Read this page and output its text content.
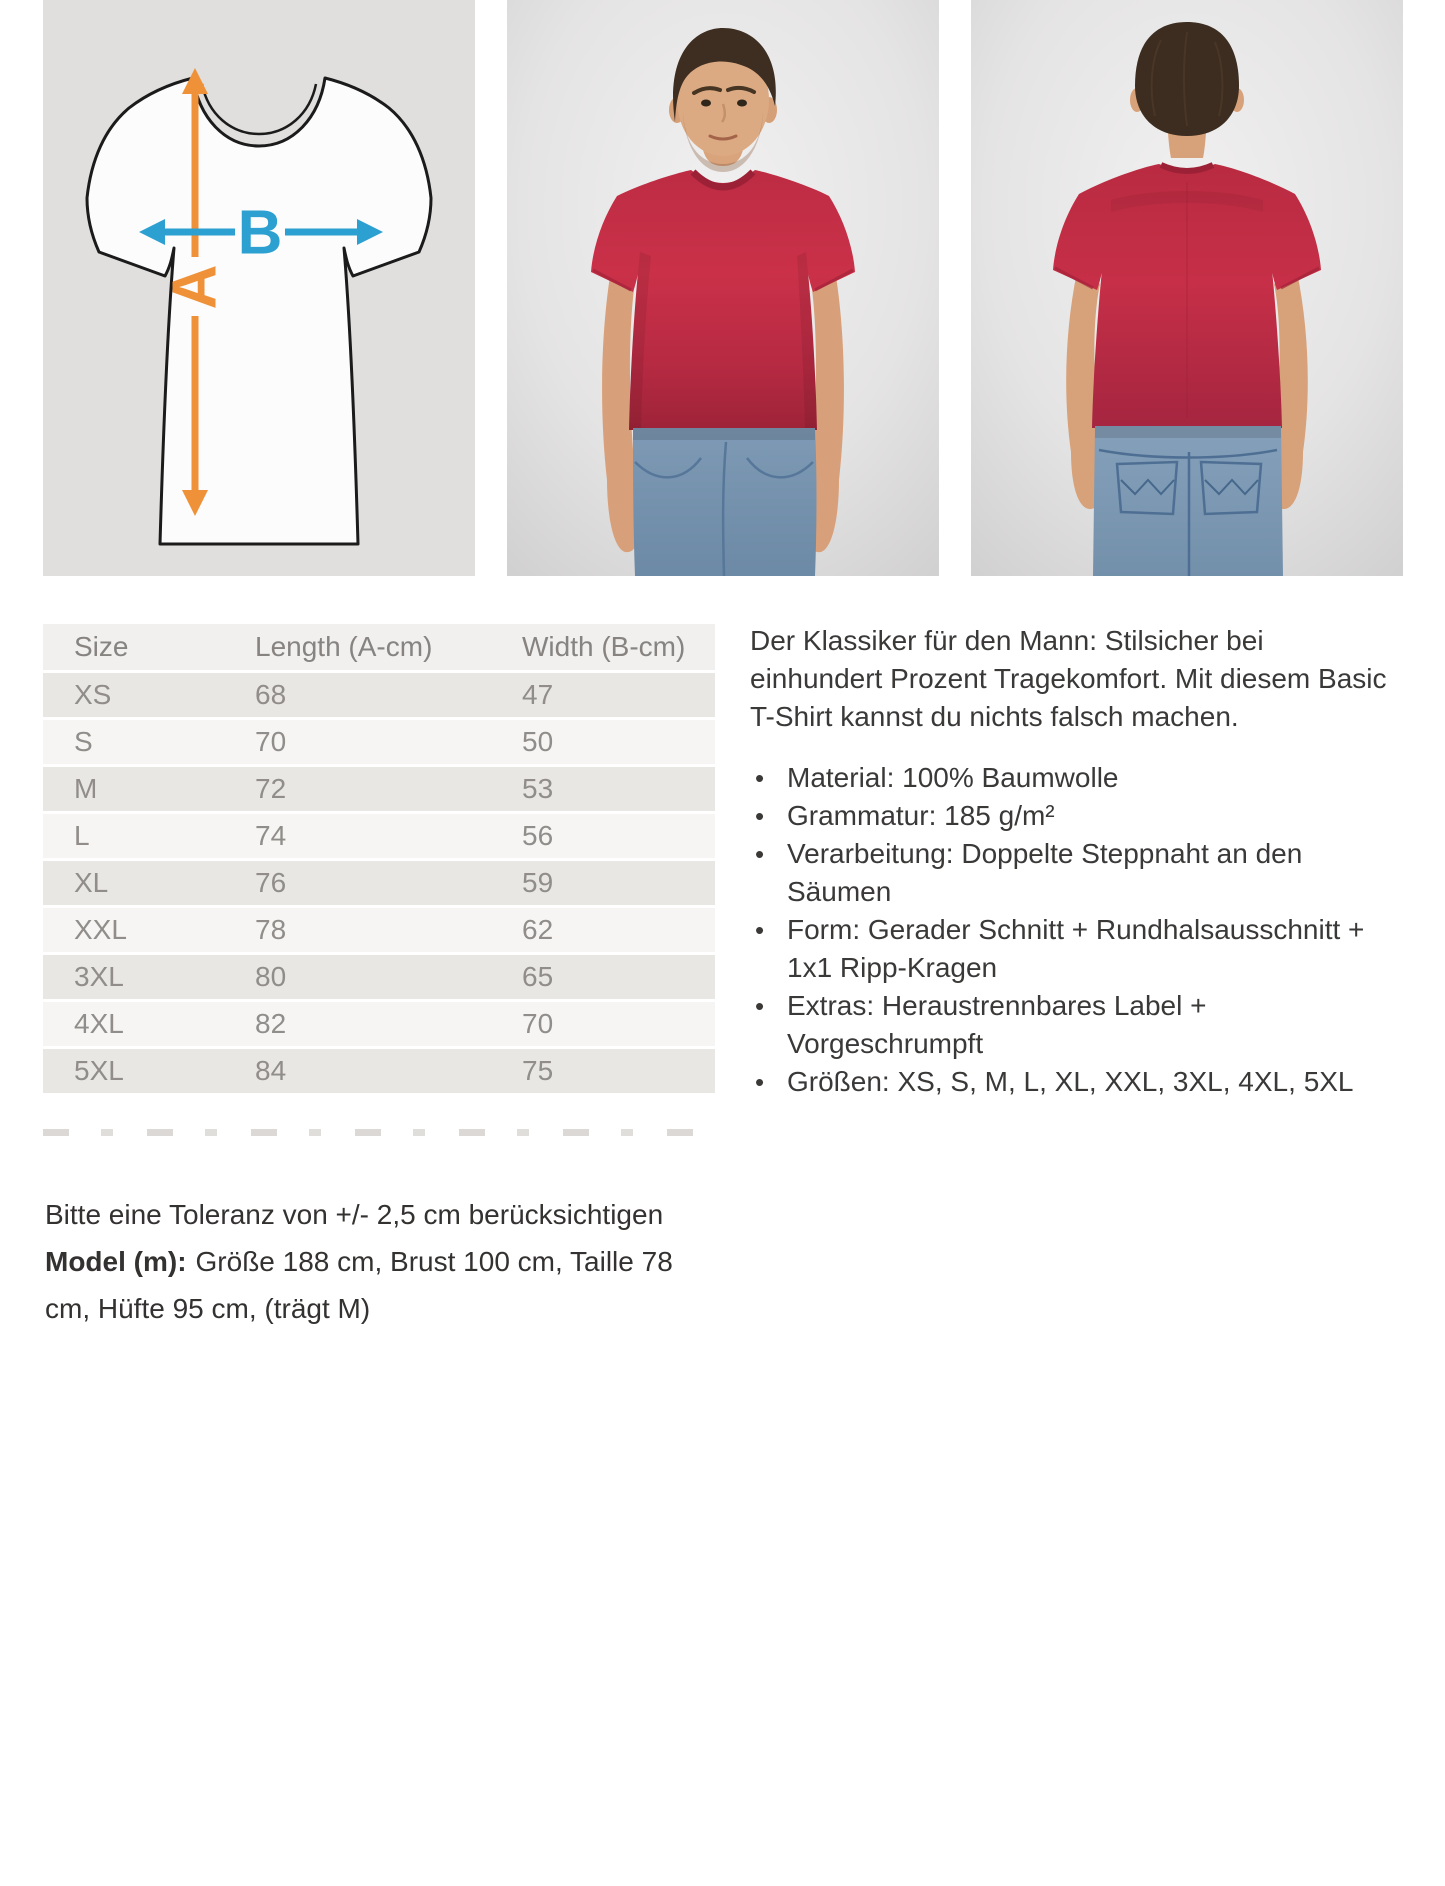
A
B
Size	Length (A-cm)	Width (B-cm)
XS	68	47
S	70	50
M	72	53
L	74	56
XL	76	59
XXL	78	62
3XL	80	65
4XL	82	70
5XL	84	75

Der Klassiker für den Mann: Stilsicher bei einhundert Prozent Tragekomfort. Mit diesem Basic T-Shirt kannst du nichts falsch machen.

• Material: 100% Baumwolle
• Grammatur: 185 g/m²
• Verarbeitung: Doppelte Steppnaht an den Säumen
• Form: Gerader Schnitt + Rundhalsausschnitt + 1x1 Ripp-Kragen
• Extras: Heraustrennbares Label + Vorgeschrumpft
• Größen: XS, S, M, L, XL, XXL, 3XL, 4XL, 5XL
Bitte eine Toleranz von +/- 2,5 cm berücksichtigen
Model (m): Größe 188 cm, Brust 100 cm, Taille 78 cm, Hüfte 95 cm, (trägt M)
